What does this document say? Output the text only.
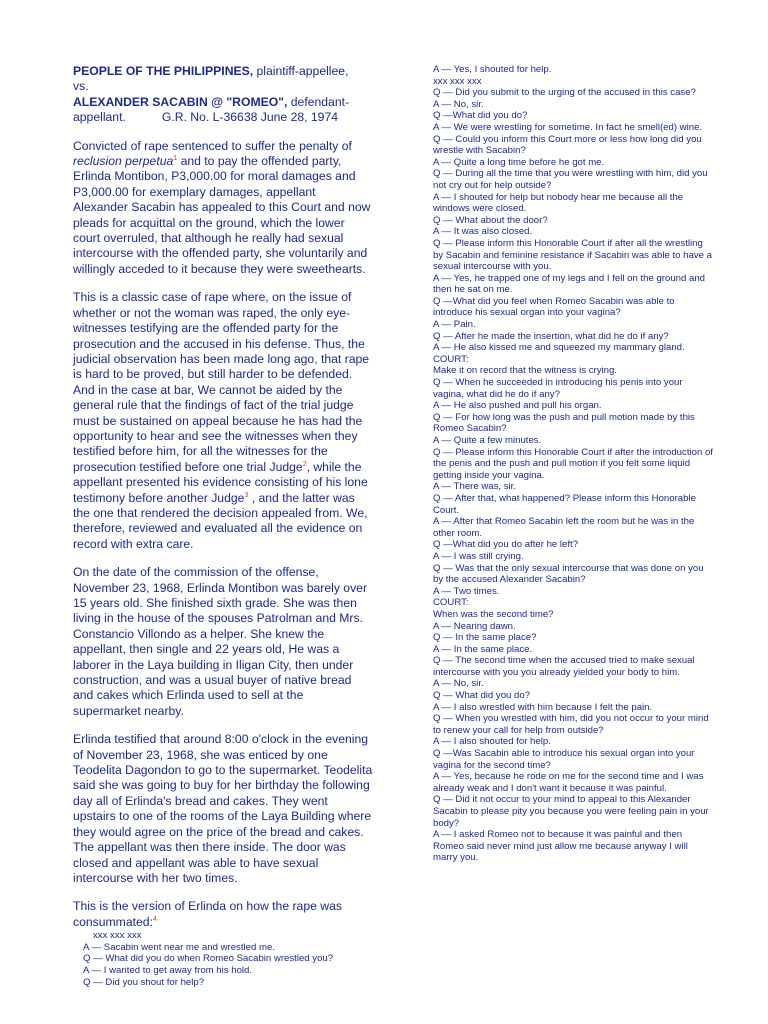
PEOPLE OF THE PHILIPPINES, plaintiff-appellee,

vs.

ALEXANDER SACABIN @ "ROMEO", defendant-

appellant.	G.R. No. L-36638 June 28, 1974

Convicted of rape sentenced to suffer the penalty of reclusion perpetua$^1$ and to pay the offended party, Erlinda Montibon, P3,000.00 for moral damages and P3,000.00 for exemplary damages, appellant Alexander Sacabin has appealed to this Court and now pleads for acquittal on the ground, which the lower court overruled, that although he really had sexual intercourse with the offended party, she voluntarily and willingly acceded to it because they were sweethearts.

This is a classic case of rape where, on the issue of whether or not the woman was raped, the only eye-witnesses testifying are the offended party for the prosecution and the accused in his defense. Thus, the judicial observation has been made long ago, that rape is hard to be proved, but still harder to be defended. And in the case at bar, We cannot be aided by the general rule that the findings of fact of the trial judge must be sustained on appeal because he has had the opportunity to hear and see the witnesses when they testified before him, for all the witnesses for the prosecution testified before one trial Judge$^2$, while the appellant presented his evidence consisting of his lone testimony before another Judge$^3$ , and the latter was the one that rendered the decision appealed from. We, therefore, reviewed and evaluated all the evidence on record with extra care.

On the date of the commission of the offense, November 23, 1968, Erlinda Montibon was barely over 15 years old. She finished sixth grade. She was then living in the house of the spouses Patrolman and Mrs. Constancio Villondo as a helper. She knew the appellant, then single and 22 years old, He was a laborer in the Laya building in Iligan City, then under construction, and was a usual buyer of native bread and cakes which Erlinda used to sell at the supermarket nearby.

Erlinda testified that around 8:00 o'clock in the evening of November 23, 1968, she was enticed by one Teodelita Dagondon to go to the supermarket. Teodelita said she was going to buy for her birthday the following day all of Erlinda's bread and cakes. They went upstairs to one of the rooms of the Laya Building where they would agree on the price of the bread and cakes. The appellant was then there inside. The door was closed and appellant was able to have sexual intercourse with her two times.

This is the version of Erlinda on how the rape was consummated:$^4$

xxx xxx xxx

A — Sacabin went near me and wrestled me.

Q — What did you do when Romeo Sacabin wrestled you?

A — I wanted to get away from his hold.

Q — Did you shout for help?

A — Yes, I shouted for help.

xxx xxx xxx

Q — Did you submit to the urging of the accused in this case?

A — No, sir.

Q —What did you do?

A — We were wrestling for sometime. In fact he smell(ed) wine.

Q — Could you inform this Court more or less how long did you wrestle with Sacabin?

A — Quite a long time before he got me.

Q — During all the time that you were wrestling with him, did you not cry out for help outside?

A — I shouted for help but nobody hear me because all the windows were closed.

Q — What about the door?

A — It was also closed.

Q — Please inform this Honorable Court if after all the wrestling by Sacabin and feminine resistance if Sacabin was able to have a sexual intercourse with you.

A — Yes, he trapped one of my legs and I fell on the ground and then he sat on me.

Q —What did you feel when Romeo Sacabin was able to introduce his sexual organ into your vagina?

A — Pain.

Q — After he made the insertion, what did he do if any?

A — He also kissed me and squeezed my mammary gland.

COURT:

Make it on record that the witness is crying.

Q — When he succeeded in introducing his penis into your vagina, what did he do if any?

A — He also pushed and pull his organ.

Q — For how long was the push and pull motion made by this Romeo Sacabin?

A — Quite a few minutes.

Q — Please inform this Honorable Court if after the introduction of the penis and the push and pull motion if you felt some liquid getting inside your vagina.

A — There was, sir.

Q — After that, what happened? Please inform this Honorable Court.

A — After that Romeo Sacabin left the room but he was in the other room.

Q —What did you do after he left?

A — I was still crying.

Q — Was that the only sexual intercourse that was done on you by the accused Alexander Sacabin?

A — Two times.

COURT:

When was the second time?

A — Nearing dawn.

Q — In the same place?

A — In the same place.

Q — The second time when the accused tried to make sexual intercourse with you you already yielded your body to him.

A — No, sir.

Q — What did you do?

A — I also wrestled with him because I felt the pain.

Q — When you wrestled with him, did you not occur to your mind to renew your call for help from outside?

A — I also shouted for help.

Q —Was Sacabin able to introduce his sexual organ into your vagina for the second time?

A — Yes, because he rode on me for the second time and I was already weak and I don't want it because it was painful.

Q — Did it not occur to your mind to appeal to this Alexander Sacabin to please pity you because you were feeling pain in your body?

A — I asked Romeo not to because it was painful and then Romeo said never mind just allow me because anyway I will marry you.
